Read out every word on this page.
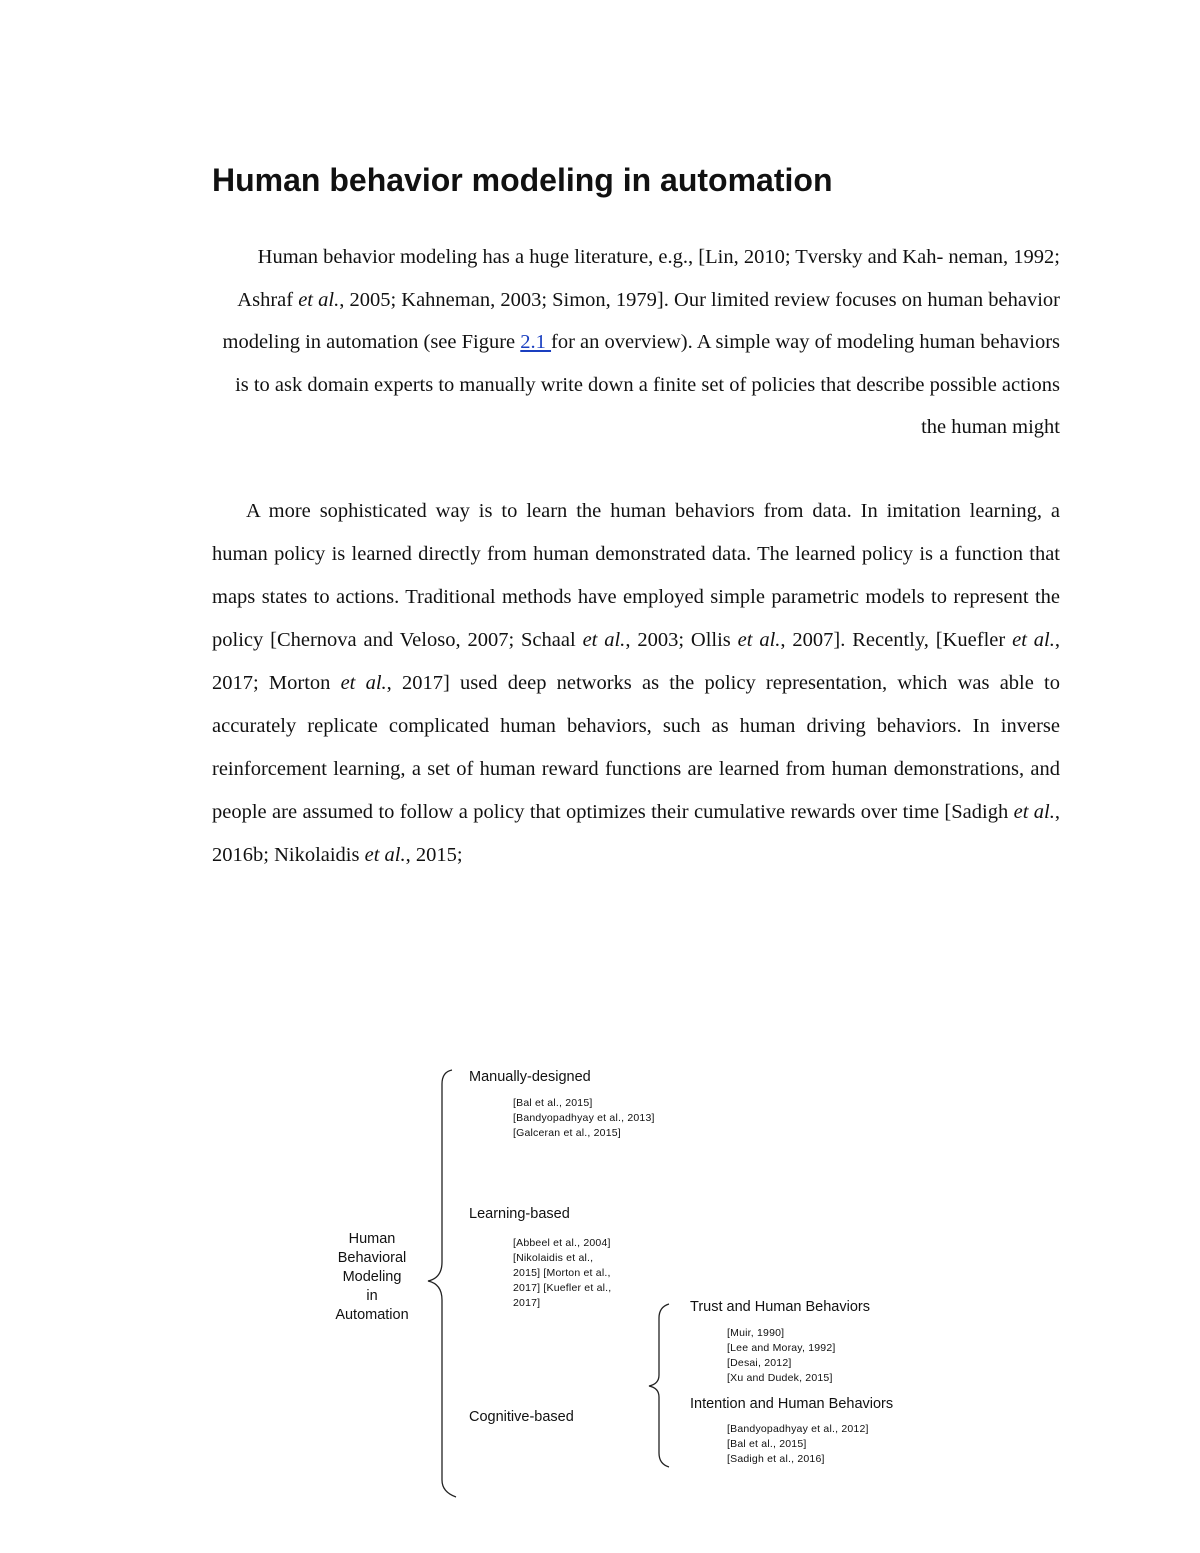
Human behavior modeling in automation

Human behavior modeling has a huge literature, e.g., [Lin, 2010; Tversky and Kah- neman, 1992; Ashraf et al., 2005; Kahneman, 2003; Simon, 1979]. Our limited review focuses on human behavior modeling in automation (see Figure 2.1 for an overview). A simple way of modeling human behaviors is to ask domain experts to manually write down a finite set of policies that describe possible actions the human might

A more sophisticated way is to learn the human behaviors from data. In imitation learning, a human policy is learned directly from human demonstrated data. The learned policy is a function that maps states to actions. Traditional methods have employed simple parametric models to represent the policy [Chernova and Veloso, 2007; Schaal et al., 2003; Ollis et al., 2007]. Recently, [Kuefler et al., 2017; Morton et al., 2017] used deep networks as the policy representation, which was able to accurately replicate complicated human behaviors, such as human driving behaviors. In inverse reinforcement learning, a set of human reward functions are learned from human demonstrations, and people are assumed to follow a policy that optimizes their cumulative rewards over time [Sadigh et al., 2016b; Nikolaidis et al., 2015;

Human
Behavioral
Modeling
in
Automation
Manually-designed
[Bal et al., 2015]
[Bandyopadhyay et al., 2013]
[Galceran et al., 2015]
Learning-based
[Abbeel et al., 2004]
[Nikolaidis et al.,
2015] [Morton et al.,
2017] [Kuefler et al.,
2017]
Cognitive-based
Trust and Human Behaviors
[Muir, 1990]
[Lee and Moray, 1992]
[Desai, 2012]
[Xu and Dudek, 2015]
Intention and Human Behaviors
[Bandyopadhyay et al., 2012]
[Bal et al., 2015]
[Sadigh et al., 2016]
